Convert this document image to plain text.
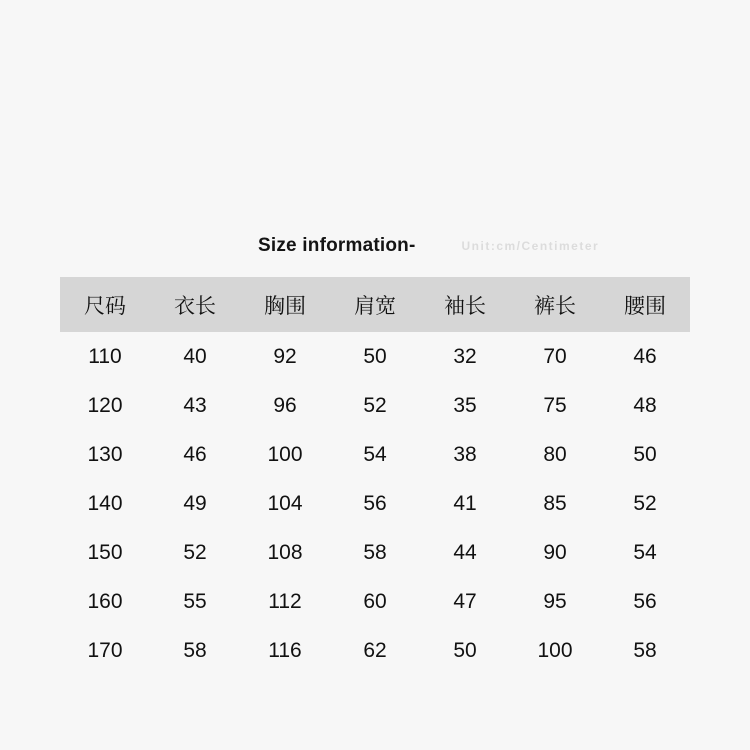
Size information-	Unit:cm/Centimeter
尺码	衣长	胸围	肩宽	袖长	裤长	腰围
110	40	92	50	32	70	46
120	43	96	52	35	75	48
130	46	100	54	38	80	50
140	49	104	56	41	85	52
150	52	108	58	44	90	54
160	55	112	60	47	95	56
170	58	116	62	50	100	58
